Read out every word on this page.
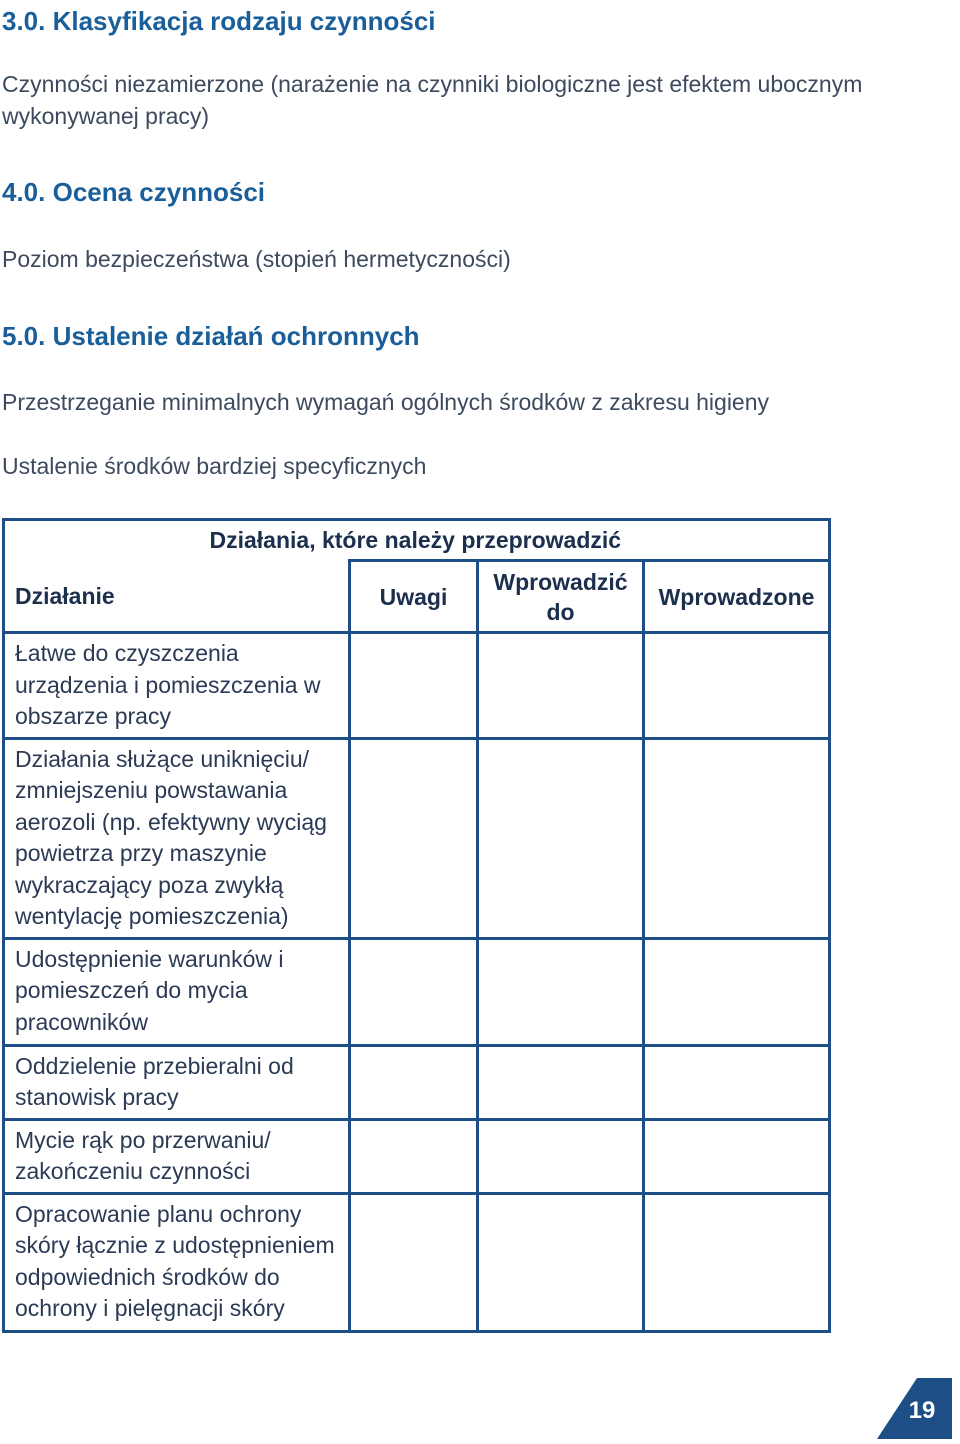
3.0. Klasyfikacja rodzaju czynności

Czynności niezamierzone (narażenie na czynniki biologiczne jest efektem ubocznym wykonywanej pracy)

4.0. Ocena czynności

Poziom bezpieczeństwa (stopień hermetyczności)

5.0. Ustalenie działań ochronnych

Przestrzeganie minimalnych wymagań ogólnych środków z zakresu higieny

Ustalenie środków bardziej specyficznych

	Działania, które należy przeprowadzić		
Działanie	Uwagi	Wprowadzić do	Wprowadzone
Łatwe do czyszczenia urządzenia i pomieszczenia w obszarze pracy			
Działania służące uniknięciu/ zmniejszeniu powstawania aerozoli (np. efektywny wyciąg powietrza przy maszynie wykraczający poza zwykłą wentylację pomieszczenia)			
Udostępnienie warunków i pomieszczeń do mycia pracowników			
Oddzielenie przebieralni od stanowisk pracy			
Mycie rąk po przerwaniu/ zakończeniu czynności			
Opracowanie planu ochrony skóry łącznie z udostępnieniem odpowiednich środków do ochrony i pielęgnacji skóry			
19
